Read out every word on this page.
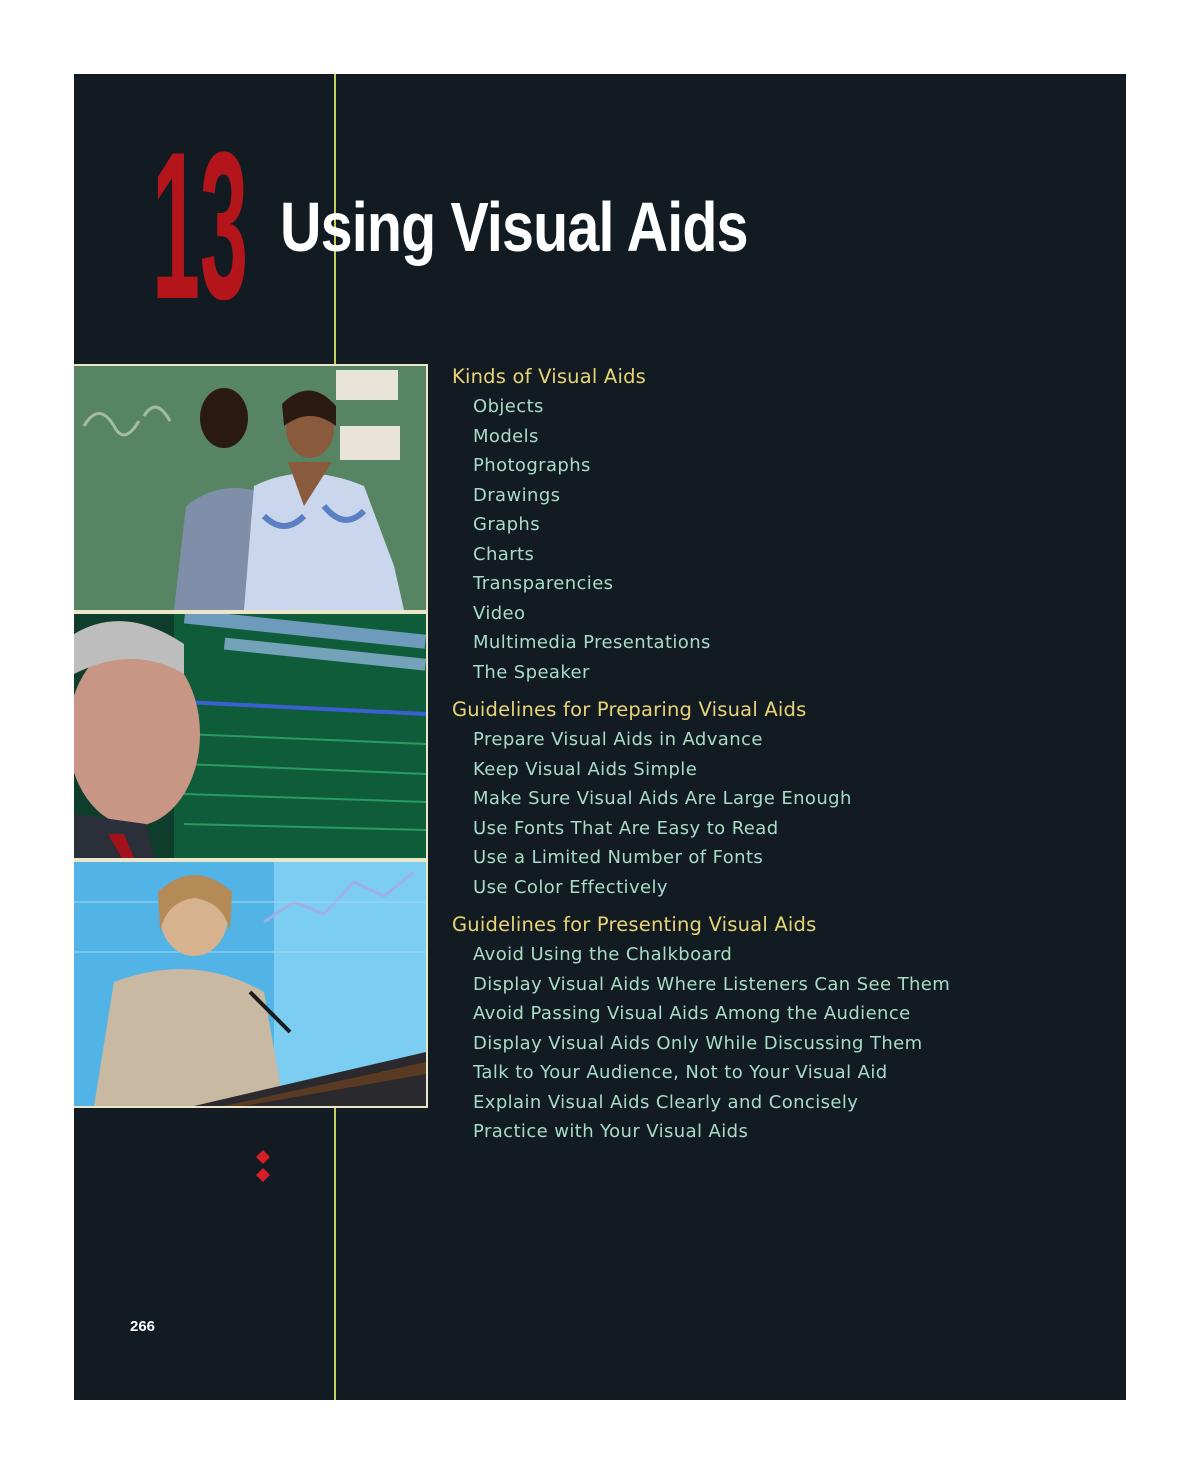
13 Using Visual Aids
Kinds of Visual Aids
Objects
Models
Photographs
Drawings
Graphs
Charts
Transparencies
Video
Multimedia Presentations
The Speaker
Guidelines for Preparing Visual Aids
Prepare Visual Aids in Advance
Keep Visual Aids Simple
Make Sure Visual Aids Are Large Enough
Use Fonts That Are Easy to Read
Use a Limited Number of Fonts
Use Color Effectively
Guidelines for Presenting Visual Aids
Avoid Using the Chalkboard
Display Visual Aids Where Listeners Can See Them
Avoid Passing Visual Aids Among the Audience
Display Visual Aids Only While Discussing Them
Talk to Your Audience, Not to Your Visual Aid
Explain Visual Aids Clearly and Concisely
Practice with Your Visual Aids
266
